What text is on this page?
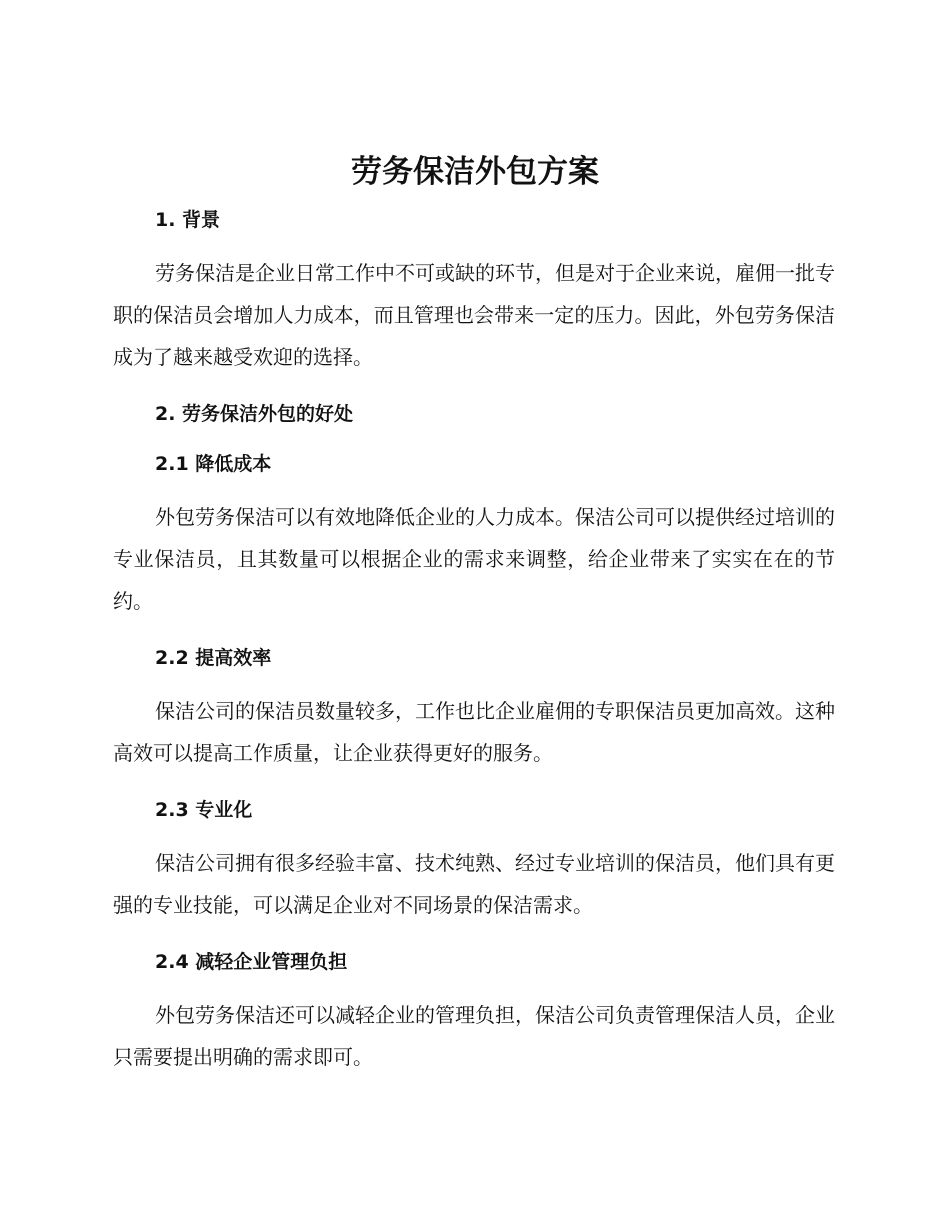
劳务保洁外包方案
1. 背景

劳务保洁是企业日常工作中不可或缺的环节，但是对于企业来说，雇佣一批专职的保洁员会增加人力成本，而且管理也会带来一定的压力。因此，外包劳务保洁成为了越来越受欢迎的选择。

2. 劳务保洁外包的好处
2.1 降低成本

外包劳务保洁可以有效地降低企业的人力成本。保洁公司可以提供经过培训的专业保洁员，且其数量可以根据企业的需求来调整，给企业带来了实实在在的节约。

2.2 提高效率

保洁公司的保洁员数量较多，工作也比企业雇佣的专职保洁员更加高效。这种高效可以提高工作质量，让企业获得更好的服务。

2.3 专业化

保洁公司拥有很多经验丰富、技术纯熟、经过专业培训的保洁员，他们具有更强的专业技能，可以满足企业对不同场景的保洁需求。

2.4 减轻企业管理负担

外包劳务保洁还可以减轻企业的管理负担，保洁公司负责管理保洁人员，企业只需要提出明确的需求即可。
